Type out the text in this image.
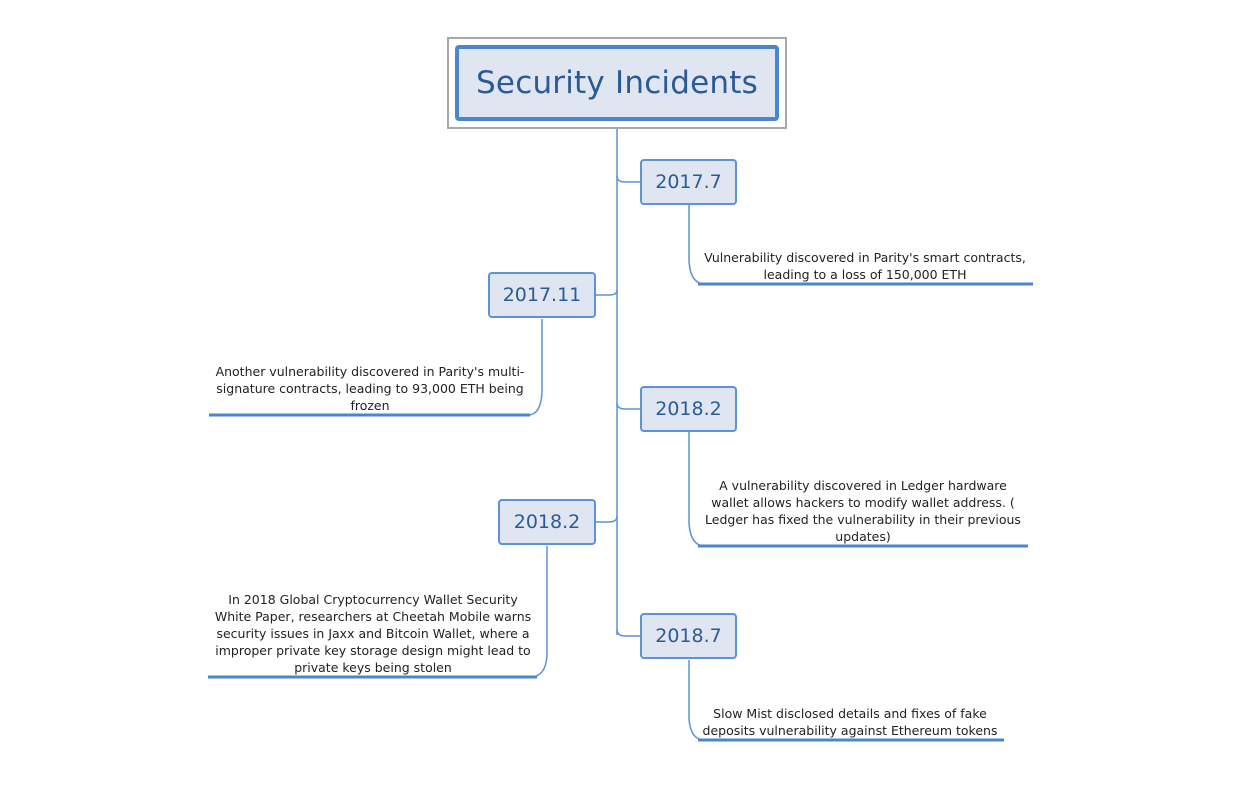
Security Incidents
2017.7
Vulnerability discovered in Parity's smart contracts, leading to a loss of 150,000 ETH
2017.11
Another vulnerability discovered in Parity's multi-signature contracts, leading to 93,000 ETH being frozen	2018.2
A vulnerability discovered in Ledger hardware wallet allows hackers to modify wallet address. ( Ledger has fixed the vulnerability in their previous updates)
2018.2
In 2018 Global Cryptocurrency Wallet Security White Paper, researchers at Cheetah Mobile warns security issues in Jaxx and Bitcoin Wallet, where a improper private key storage design might lead to private keys being stolen
2018.7
Slow Mist disclosed details and fixes of fake deposits vulnerability against Ethereum tokens
